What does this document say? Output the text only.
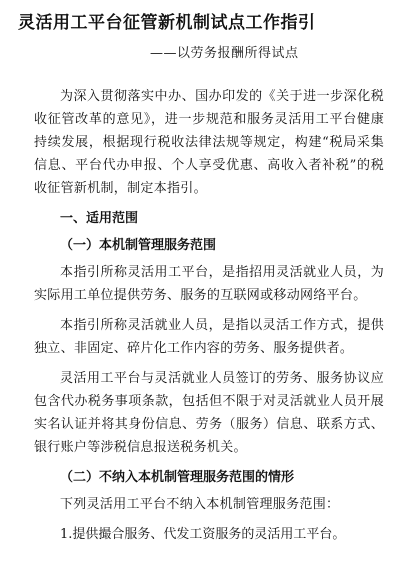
灵活用工平台征管新机制试点工作指引
——以劳务报酬所得试点

为深入贯彻落实中办、国办印发的《关于进一步深化税收征管改革的意见》，进一步规范和服务灵活用工平台健康持续发展，根据现行税收法律法规等规定，构建“税局采集信息、平台代办申报、个人享受优惠、高收入者补税”的税收征管新机制，制定本指引。

一、适用范围
（一）本机制管理服务范围

本指引所称灵活用工平台，是指招用灵活就业人员，为实际用工单位提供劳务、服务的互联网或移动网络平台。

本指引所称灵活就业人员，是指以灵活工作方式，提供独立、非固定、碎片化工作内容的劳务、服务提供者。

灵活用工平台与灵活就业人员签订的劳务、服务协议应包含代办税务事项条款，包括但不限于对灵活就业人员开展实名认证并将其身份信息、劳务（服务）信息、联系方式、银行账户等涉税信息报送税务机关。

（二）不纳入本机制管理服务范围的情形

下列灵活用工平台不纳入本机制管理服务范围：

1.提供撮合服务、代发工资服务的灵活用工平台。
